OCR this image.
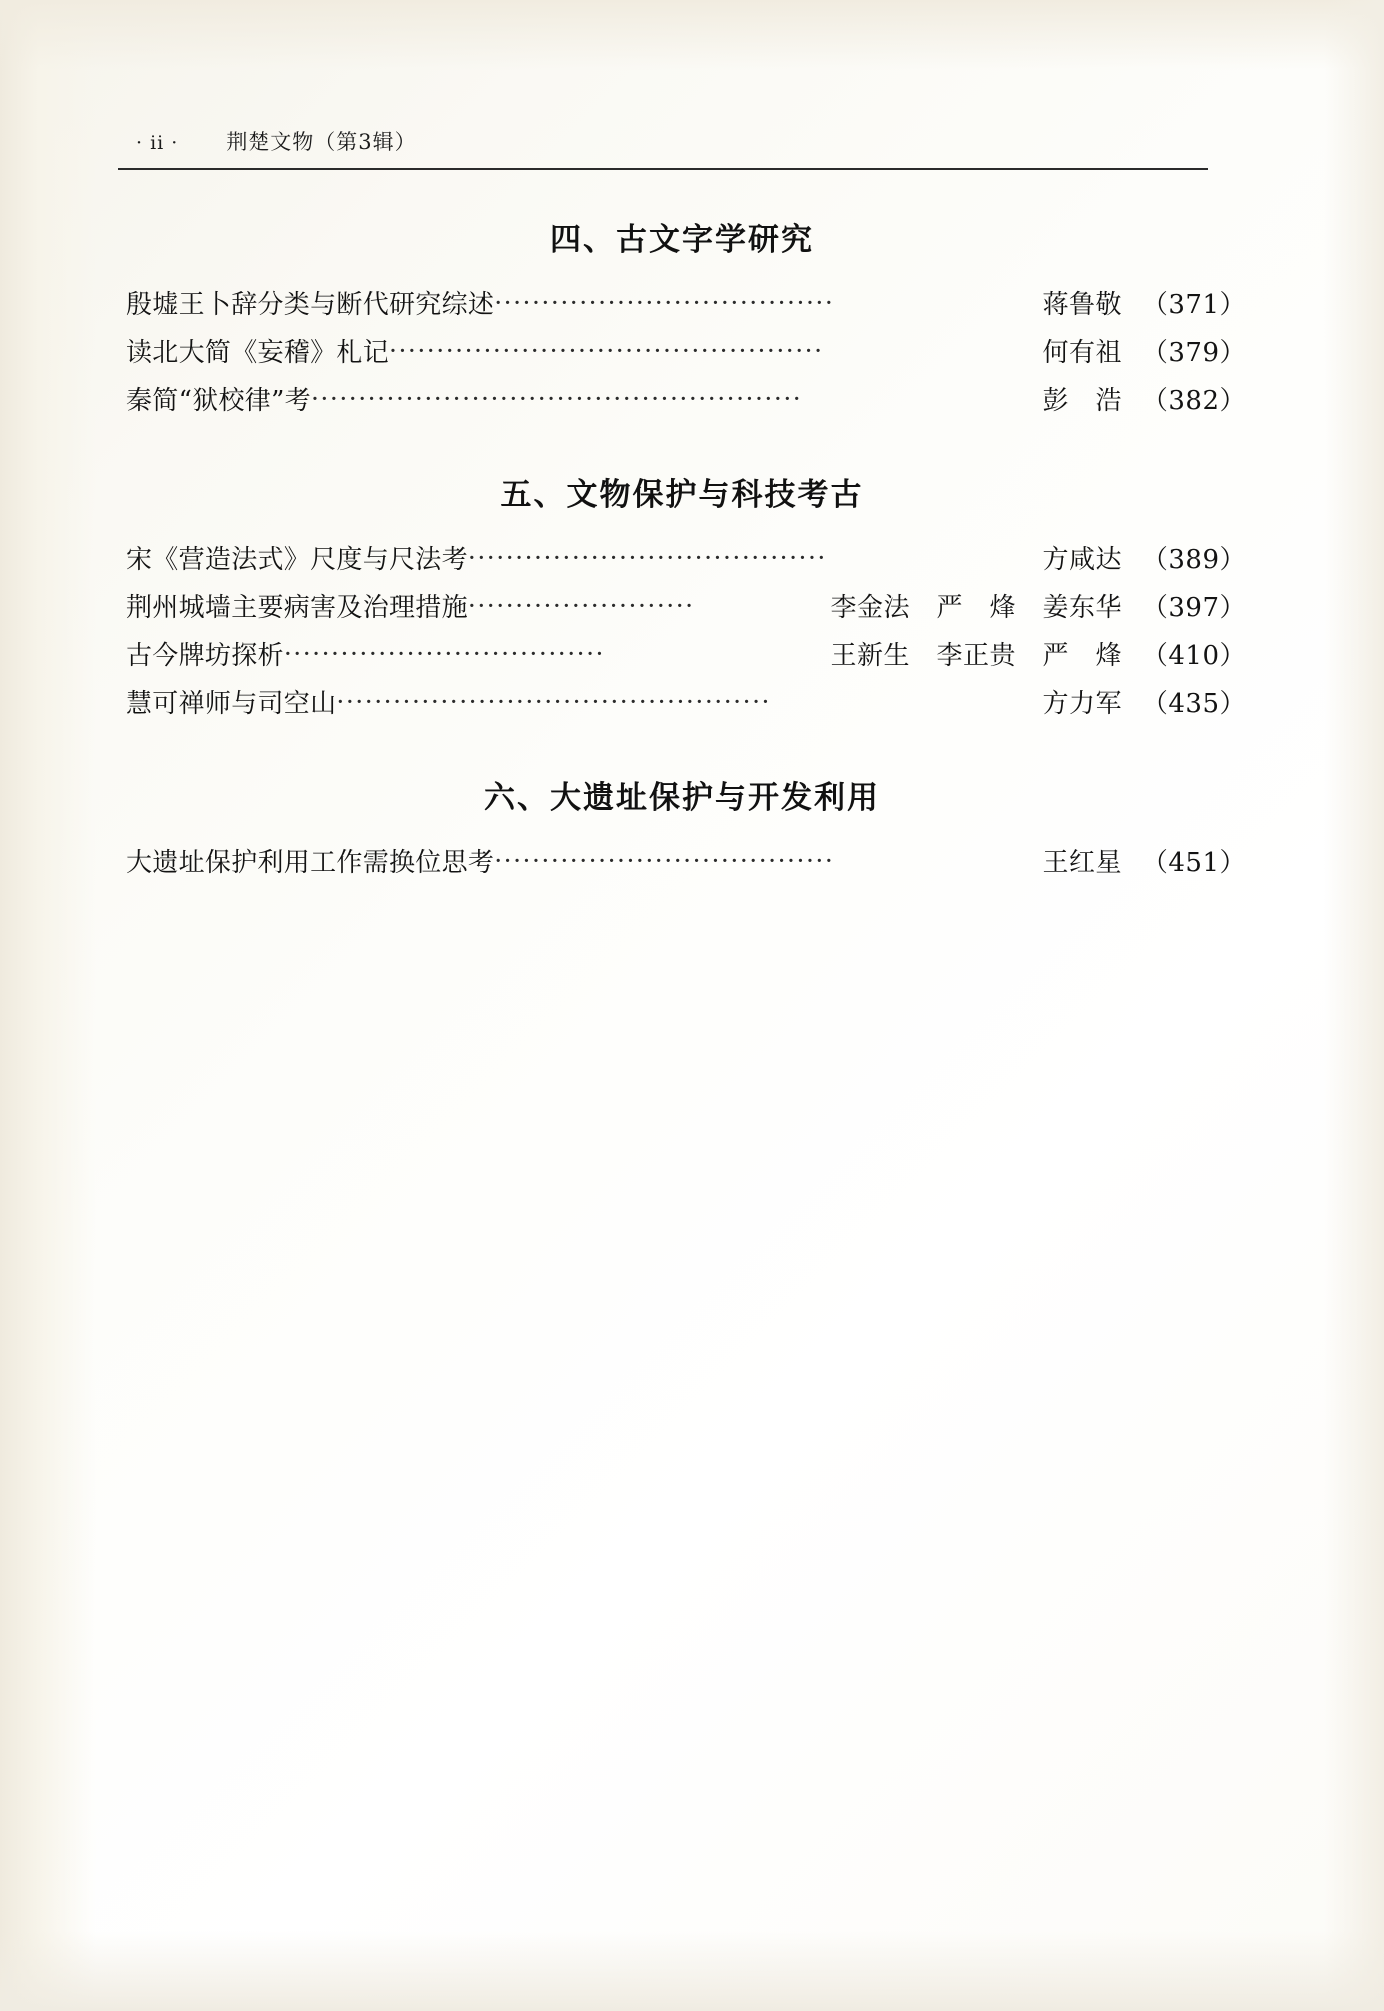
· ii · 荆楚文物（第3辑）
四、古文字学研究
殷墟王卜辞分类与断代研究综述 ····································	蒋鲁敬 （371）
读北大简《妄稽》札记 ··············································	何有祖 （379）
秦简“狱校律”考 ····················································	彭　浩 （382）
五、文物保护与科技考古
宋《营造法式》尺度与尺法考 ······································	方咸达 （389）
荆州城墙主要病害及治理措施 ························	李金法　严　烽　姜东华 （397）
古今牌坊探析 ··································	王新生　李正贵　严　烽 （410）
慧可禅师与司空山 ··············································	方力军 （435）
六、大遗址保护与开发利用
大遗址保护利用工作需换位思考 ····································	王红星 （451）
